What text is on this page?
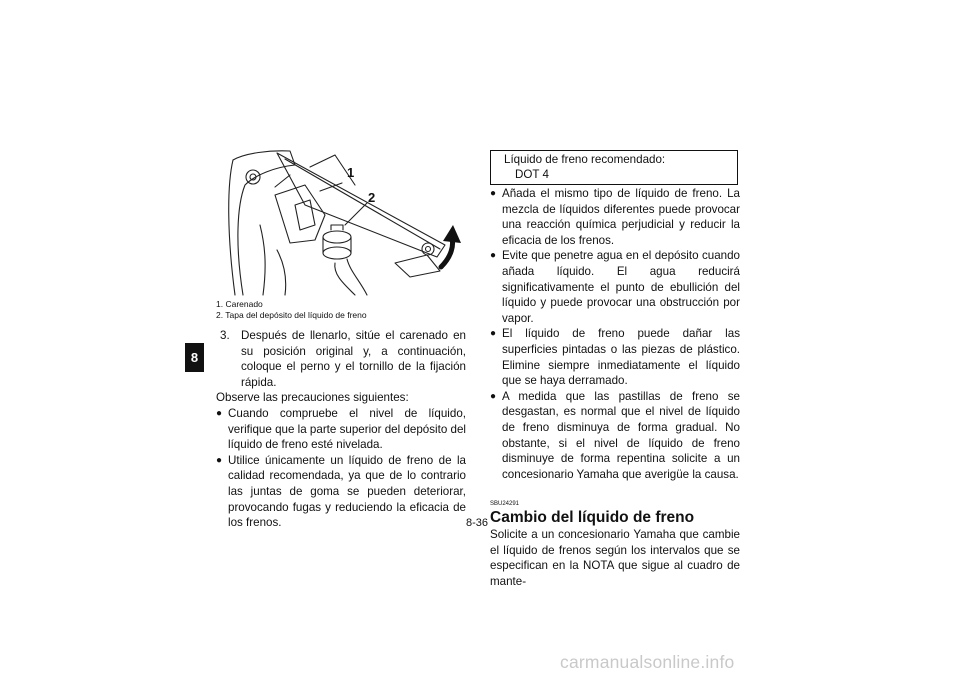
8
1
2
1. Carenado
2. Tapa del depósito del líquido de freno
3. Después de llenarlo, sitúe el carenado en su posición original y, a continuación, coloque el perno y el tornillo de la fijación rápida.

Observe las precauciones siguientes:

● Cuando compruebe el nivel de líquido, verifique que la parte superior del depósito del líquido de freno esté nivelada.
● Utilice únicamente un líquido de freno de la calidad recomendada, ya que de lo contrario las juntas de goma se pueden deteriorar, provocando fugas y reduciendo la eficacia de los frenos.
Líquido de freno recomendado:
DOT 4
● Añada el mismo tipo de líquido de freno. La mezcla de líquidos diferentes puede provocar una reacción química perjudicial y reducir la eficacia de los frenos.
● Evite que penetre agua en el depósito cuando añada líquido. El agua reducirá significativamente el punto de ebullición del líquido y puede provocar una obstrucción por vapor.
● El líquido de freno puede dañar las superficies pintadas o las piezas de plástico. Elimine siempre inmediatamente el líquido que se haya derramado.
● A medida que las pastillas de freno se desgastan, es normal que el nivel de líquido de freno disminuya de forma gradual. No obstante, si el nivel de líquido de freno disminuye de forma repentina solicite a un concesionario Yamaha que averigüe la causa.
SBU24291
Cambio del líquido de freno

Solicite a un concesionario Yamaha que cambie el líquido de frenos según los intervalos que se especifican en la NOTA que sigue al cuadro de mante-

8-36
carmanualsonline.info
